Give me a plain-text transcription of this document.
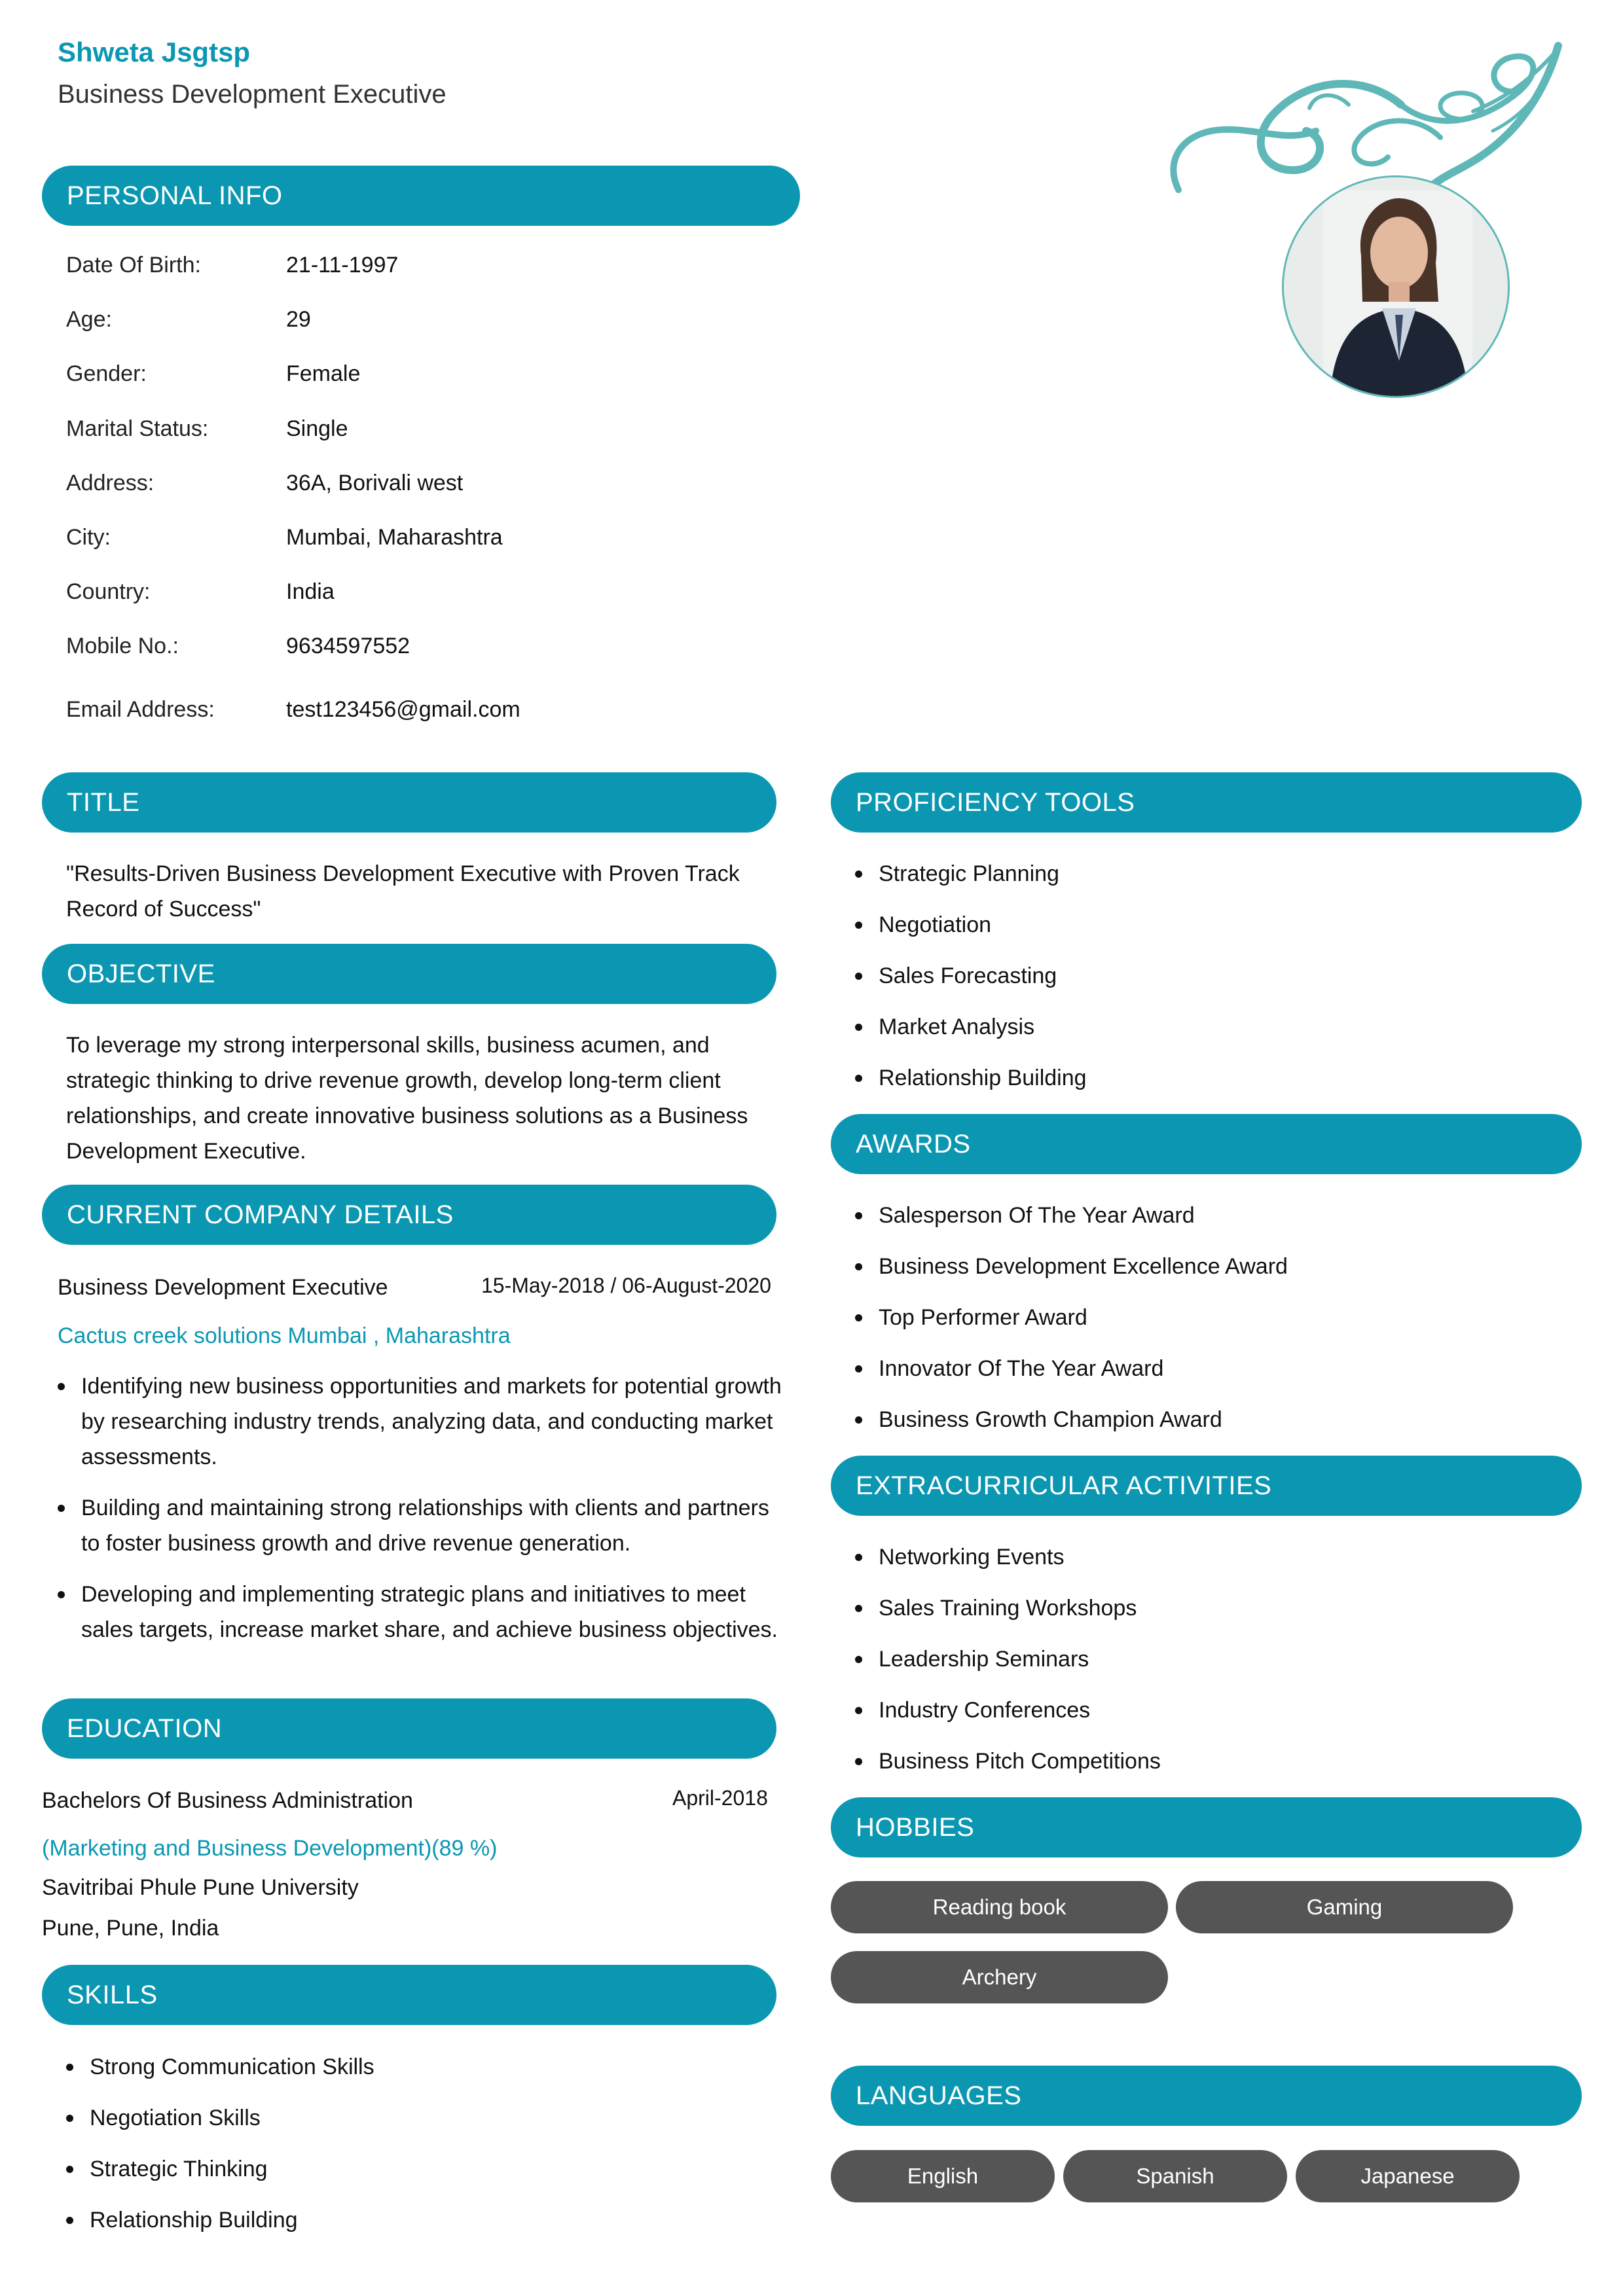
Shweta Jsgtsp
Business Development Executive
PERSONAL INFO
Date Of Birth:	21-11-1997
Age:	29
Gender:	Female
Marital Status:	Single
Address:	36A, Borivali west
City:	Mumbai, Maharashtra
Country:	India
Mobile No.:	9634597552
Email Address:	test123456@gmail.com
TITLE
"Results-Driven Business Development Executive with Proven Track Record of Success"
OBJECTIVE
To leverage my strong interpersonal skills, business acumen, and strategic thinking to drive revenue growth, develop long-term client relationships, and create innovative business solutions as a Business Development Executive.
CURRENT COMPANY DETAILS
Business Development Executive	15-May-2018 / 06-August-2020
Cactus creek solutions Mumbai , Maharashtra
Identifying new business opportunities and markets for potential growth by researching industry trends, analyzing data, and conducting market assessments.
Building and maintaining strong relationships with clients and partners to foster business growth and drive revenue generation.
Developing and implementing strategic plans and initiatives to meet sales targets, increase market share, and achieve business objectives.
EDUCATION
Bachelors Of Business Administration	April-2018
(Marketing and Business Development)(89 %)
Savitribai Phule Pune University
Pune, Pune, India
SKILLS
Strong Communication Skills
Negotiation Skills
Strategic Thinking
Relationship Building
PROFICIENCY TOOLS
Strategic Planning
Negotiation
Sales Forecasting
Market Analysis
Relationship Building
AWARDS
Salesperson Of The Year Award
Business Development Excellence Award
Top Performer Award
Innovator Of The Year Award
Business Growth Champion Award
EXTRACURRICULAR ACTIVITIES
Networking Events
Sales Training Workshops
Leadership Seminars
Industry Conferences
Business Pitch Competitions
HOBBIES
Reading book	Gaming
Archery
LANGUAGES
English	Spanish	Japanese
